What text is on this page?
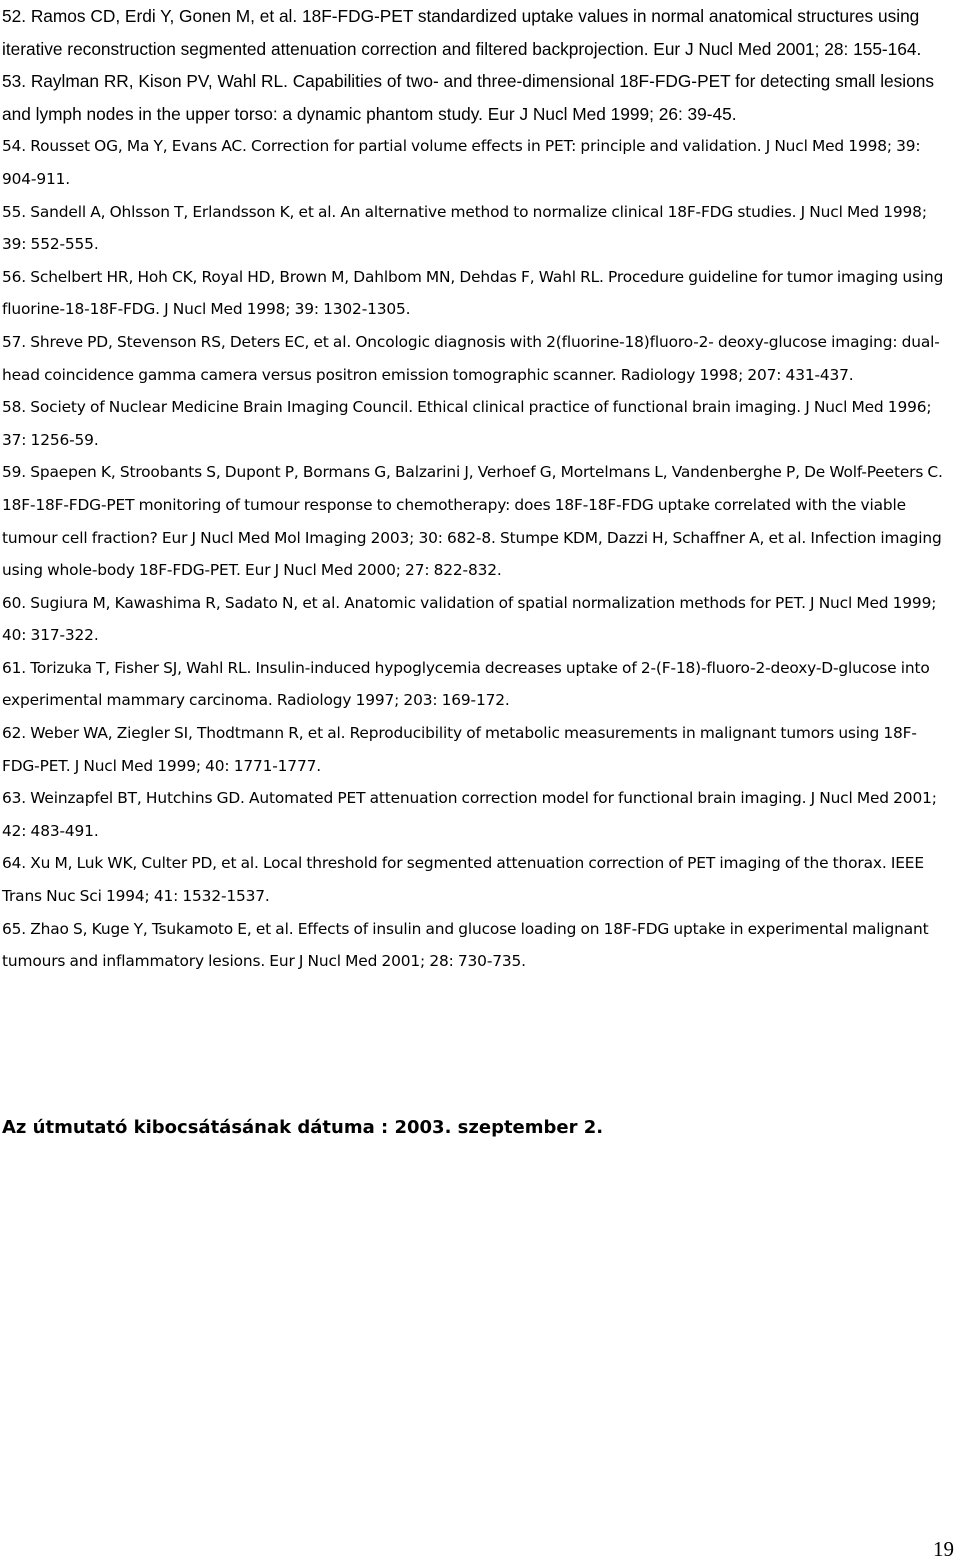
52. Ramos CD, Erdi Y, Gonen M, et al. 18F-FDG-PET standardized uptake values in normal anatomical structures using iterative reconstruction segmented attenuation correction and filtered backprojection. Eur J Nucl Med 2001; 28: 155-164.

53. Raylman RR, Kison PV, Wahl RL. Capabilities of two- and three-dimensional 18F-FDG-PET for detecting small lesions and lymph nodes in the upper torso: a dynamic phantom study. Eur J Nucl Med 1999; 26: 39-45.

54. Rousset OG, Ma Y, Evans AC. Correction for partial volume effects in PET: principle and validation. J Nucl Med 1998; 39: 904-911.

55. Sandell A, Ohlsson T, Erlandsson K, et al. An alternative method to normalize clinical 18F-FDG studies. J Nucl Med 1998; 39: 552-555.

56. Schelbert HR, Hoh CK, Royal HD, Brown M, Dahlbom MN, Dehdas F, Wahl RL. Procedure guideline for tumor imaging using fluorine-18-18F-FDG. J Nucl Med 1998; 39: 1302-1305.

57. Shreve PD, Stevenson RS, Deters EC, et al. Oncologic diagnosis with 2(fluorine-18)fluoro-2- deoxy-glucose imaging: dual-head coincidence gamma camera versus positron emission tomographic scanner. Radiology 1998; 207: 431-437.

58. Society of Nuclear Medicine Brain Imaging Council. Ethical clinical practice of functional brain imaging. J Nucl Med 1996; 37: 1256-59.

59. Spaepen K, Stroobants S, Dupont P, Bormans G, Balzarini J, Verhoef G, Mortelmans L, Vandenberghe P, De Wolf-Peeters C. 18F-18F-FDG-PET monitoring of tumour response to chemotherapy: does 18F-18F-FDG uptake correlated with the viable tumour cell fraction? Eur J Nucl Med Mol Imaging 2003; 30: 682-8. Stumpe KDM, Dazzi H, Schaffner A, et al. Infection imaging using whole-body 18F-FDG-PET. Eur J Nucl Med 2000; 27: 822-832.

60. Sugiura M, Kawashima R, Sadato N, et al. Anatomic validation of spatial normalization methods for PET. J Nucl Med 1999; 40: 317-322.

61. Torizuka T, Fisher SJ, Wahl RL. Insulin-induced hypoglycemia decreases uptake of 2-(F-18)-fluoro-2-deoxy-D-glucose into experimental mammary carcinoma. Radiology 1997; 203: 169-172.

62. Weber WA, Ziegler SI, Thodtmann R, et al. Reproducibility of metabolic measurements in malignant tumors using 18F-FDG-PET. J Nucl Med 1999; 40: 1771-1777.

63. Weinzapfel BT, Hutchins GD. Automated PET attenuation correction model for functional brain imaging. J Nucl Med 2001; 42: 483-491.

64. Xu M, Luk WK, Culter PD, et al. Local threshold for segmented attenuation correction of PET imaging of the thorax. IEEE Trans Nuc Sci 1994; 41: 1532-1537.

65. Zhao S, Kuge Y, Tsukamoto E, et al. Effects of insulin and glucose loading on 18F-FDG uptake in experimental malignant tumours and inflammatory lesions. Eur J Nucl Med 2001; 28: 730-735.

Az útmutató kibocsátásának dátuma : 2003. szeptember 2.

19
